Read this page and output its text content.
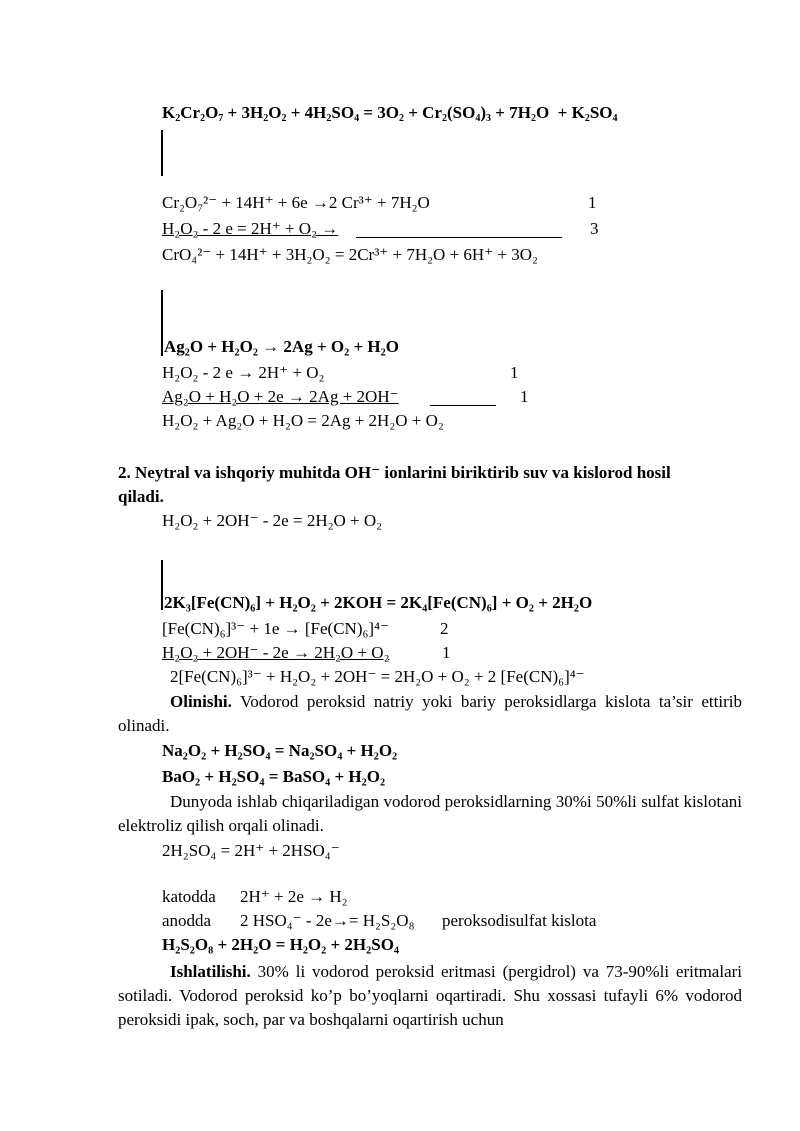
$K_2Cr_2O_7 + 3H_2O_2 + 4H_2SO_4 = 3O_2 + Cr_2(SO_4)_3 + 7H_2O + K_2SO_4$
Cr₂O₇²⁻ + 14H⁺ + 6e →2 Cr³⁺ + 7H₂O	1
H₂O₂ - 2 e = 2H⁺ + O₂ →	3
CrO₄²⁻ + 14H⁺ + 3H₂O₂ = 2Cr³⁺ + 7H₂O + 6H⁺ + 3O₂
Ag₂O + H₂O₂ → 2Ag + O₂ + H₂O
H₂O₂ - 2 e → 2H⁺ + O₂	1
Ag₂O + H₂O + 2e → 2Ag + 2OH⁻	1
H₂O₂ + Ag₂O + H₂O = 2Ag + 2H₂O + O₂
2. Neytral va ishqoriy muhitda OH⁻ ionlarini biriktirib suv va kislorod hosil
qiladi.
H₂O₂ + 2OH⁻ - 2e = 2H₂O + O₂
2K₃[Fe(CN)₆] + H₂O₂ + 2KOH = 2K₄[Fe(CN)₆] + O₂ + 2H₂O
[Fe(CN)₆]³⁻ + 1e → [Fe(CN)₆]⁴⁻	2
H₂O₂ + 2OH⁻ - 2e → 2H₂O + O₂	1
2[Fe(CN)₆]³⁻ + H₂O₂ + 2OH⁻ = 2H₂O + O₂ + 2 [Fe(CN)₆]⁴⁻
Olinishi. Vodorod peroksid natriy yoki bariy peroksidlarga kislota ta’sir ettirib olinadi.
Na₂O₂ + H₂SO₄ = Na₂SO₄ + H₂O₂
BaO₂ + H₂SO₄ = BaSO₄ + H₂O₂
Dunyoda ishlab chiqariladigan vodorod peroksidlarning 30%i 50%li sulfat kislotani elektroliz qilish orqali olinadi.
2H₂SO₄ = 2H⁺ + 2HSO₄⁻
katodda 2H⁺ + 2e → H₂
anodda 2 HSO₄⁻ - 2e→= H₂S₂O₈ peroksodisulfat kislota
H₂S₂O₈ + 2H₂O = H₂O₂ + 2H₂SO₄
Ishlatilishi. 30% li vodorod peroksid eritmasi (pergidrol) va 73-90%li eritmalari sotiladi. Vodorod peroksid ko’p bo’yoqlarni oqartiradi. Shu xossasi tufayli 6% vodorod peroksidi ipak, soch, par va boshqalarni oqartirish uchun
